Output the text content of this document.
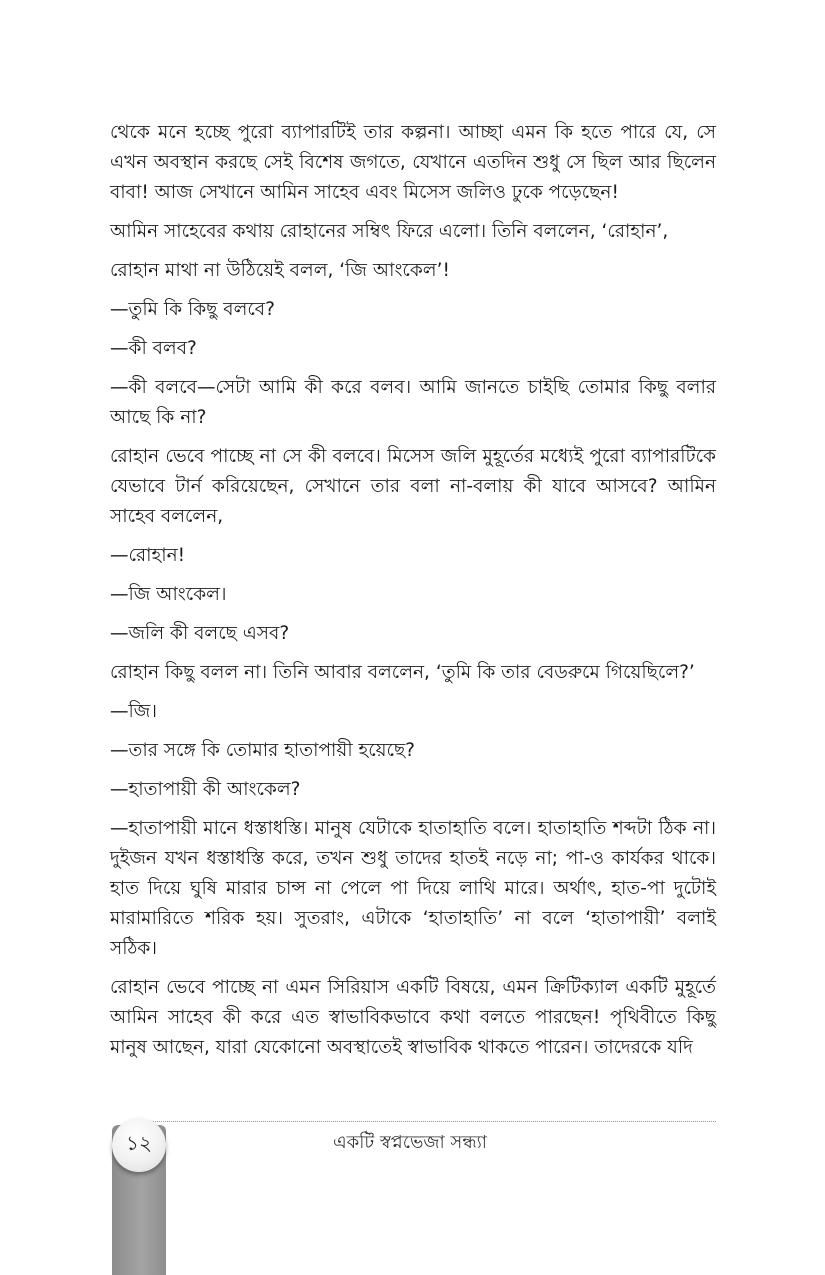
থেকে মনে হচ্ছে পুরো ব্যাপারটিই তার কল্পনা। আচ্ছা এমন কি হতে পারে যে, সে এখন অবস্থান করছে সেই বিশেষ জগতে, যেখানে এতদিন শুধু সে ছিল আর ছিলেন বাবা! আজ সেখানে আমিন সাহেব এবং মিসেস জলিও ঢুকে পড়েছেন!

আমিন সাহেবের কথায় রোহানের সম্বিৎ ফিরে এলো। তিনি বললেন, ‘রোহান’,

রোহান মাথা না উঠিয়েই বলল, ‘জি আংকেল’!

—তুমি কি কিছু বলবে?

—কী বলব?

—কী বলবে—সেটা আমি কী করে বলব। আমি জানতে চাইছি তোমার কিছু বলার আছে কি না?

রোহান ভেবে পাচ্ছে না সে কী বলবে। মিসেস জলি মুহূর্তের মধ্যেই পুরো ব্যাপারটিকে যেভাবে টার্ন করিয়েছেন, সেখানে তার বলা না-বলায় কী যাবে আসবে? আমিন সাহেব বললেন,

—রোহান!

—জি আংকেল।

—জলি কী বলছে এসব?

রোহান কিছু বলল না। তিনি আবার বললেন, ‘তুমি কি তার বেডরুমে গিয়েছিলে?’

—জি।

—তার সঙ্গে কি তোমার হাতাপায়ী হয়েছে?

—হাতাপায়ী কী আংকেল?

—হাতাপায়ী মানে ধস্তাধস্তি। মানুষ যেটাকে হাতাহাতি বলে। হাতাহাতি শব্দটা ঠিক না। দুইজন যখন ধস্তাধস্তি করে, তখন শুধু তাদের হাতই নড়ে না; পা-ও কার্যকর থাকে। হাত দিয়ে ঘুষি মারার চান্স না পেলে পা দিয়ে লাথি মারে। অর্থাৎ, হাত-পা দুটোই মারামারিতে শরিক হয়। সুতরাং, এটাকে ‘হাতাহাতি’ না বলে ‘হাতাপায়ী’ বলাই সঠিক।

রোহান ভেবে পাচ্ছে না এমন সিরিয়াস একটি বিষয়ে, এমন ক্রিটিক্যাল একটি মুহূর্তে আমিন সাহেব কী করে এত স্বাভাবিকভাবে কথা বলতে পারছেন! পৃথিবীতে কিছু মানুষ আছেন, যারা যেকোনো অবস্থাতেই স্বাভাবিক থাকতে পারেন। তাদেরকে যদি

১২	একটি স্বপ্নভেজা সন্ধ্যা
